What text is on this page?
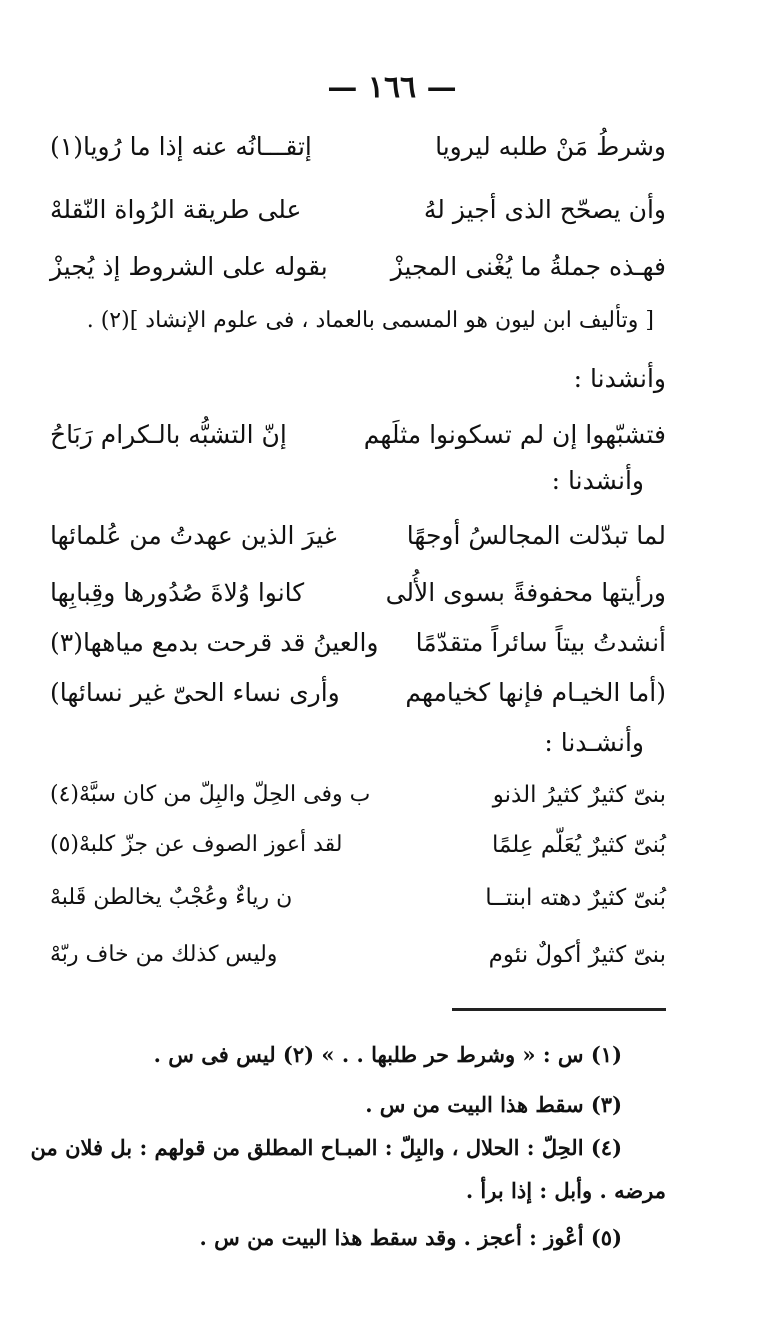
— ١٦٦ —
وشرطُ مَنْ طلبه ليرويا
إتقـــانُه عنه إذا ما رُويا(١)
وأن يصحّح الذى أجيز لهُ
على طريقة الرُواة النّقلهْ
فهـذه جملةُ ما يُغْنى المجيزْ
بقوله على الشروط إذ يُجيزْ
[ وتأليف ابن ليون هو المسمى بالعماد ، فى علوم الإنشاد ](٢) .
وأنشدنا :
فتشبّهوا إن لم تسكونوا مثلَهم
إنّ التشبُّه بالـكرام رَبَاحُ
وأنشدنا :
لما تبدّلت المجالسُ أوجهًا
غيرَ الذين عهدتُ من عُلمائها
ورأيتها محفوفةً بسوى الأُلى
كانوا وُلاةَ صُدُورها وقِبابِها
أنشدتُ بيتاً سائراً متقدّمًا
والعينُ قد قرحت بدمع مياهها(٣)
(أما الخيـام فإنها كخيامهم
وأرى نساء الحىّ غير نسائها)
وأنشـدنا :
بنىّ كثيرٌ كثيرُ الذنو
ب وفى الحِلّ والبِلّ من كان سبَّهْ(٤)
بُنىّ كثيرٌ يُعَلّم عِلمًا
لقد أعوز الصوف عن جزّ كلبهْ(٥)
بُنىّ كثيرٌ دهته ابنتــا
ن رياءٌ وعُجْبٌ يخالطن قَلبهْ
بنىّ كثيرٌ أكولٌ نئوم
وليس كذلك من خاف ربّهْ
(١) س : « وشرط حر طلبها . . » (٢) ليس فى س .
(٣) سقط هذا البيت من س .
(٤) الحِلّ : الحلال ، والبِلّ : المبـاح المطلق من قولهم : بل فلان من
مرضه . وأبل : إذا برأ .
(٥) أعْوز : أعجز . وقد سقط هذا البيت من س .
